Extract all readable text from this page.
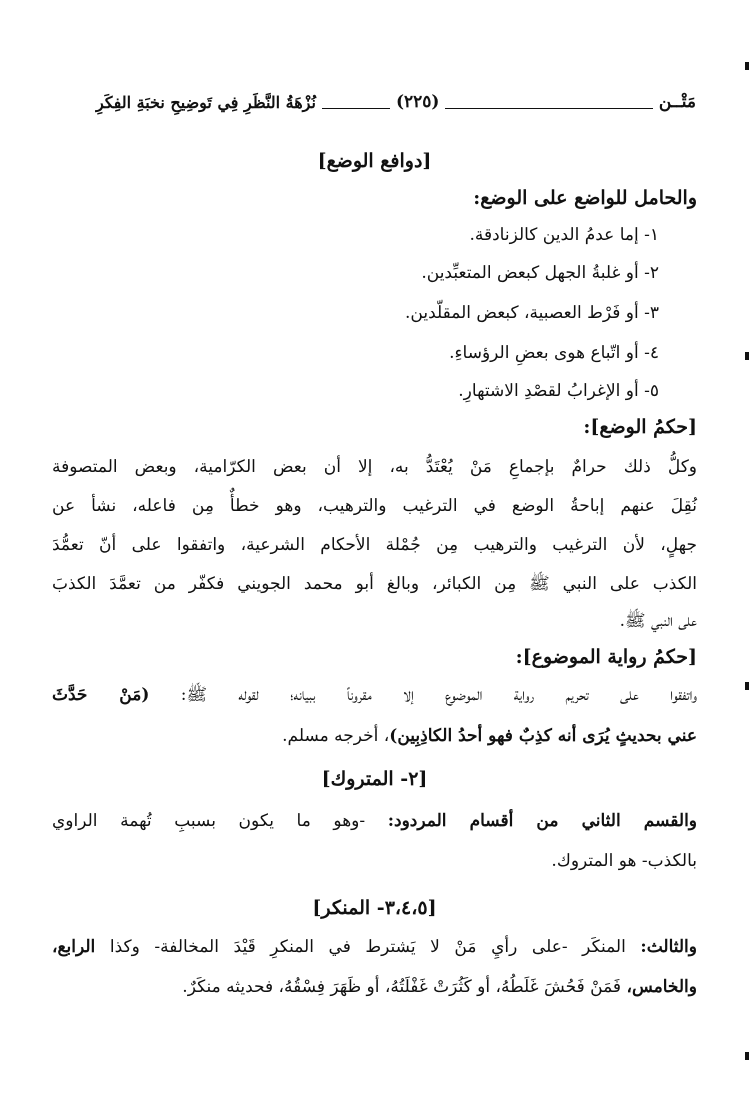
مَتْــن
(٢٢٥)
نُزْهَةُ النَّظَرِ فِي تَوضِيحِ نخبَةِ الفِكَرِ
[دوافع الوضع]
والحامل للواضع على الوضع:
١- إما عدمُ الدين كالزنادقة.
٢- أو غلبةُ الجهل كبعض المتعبِّدين.
٣- أو فَرْط العصبية، كبعض المقلّدين.
٤- أو اتّباع هوى بعضِ الرؤساءِ.
٥- أو الإغرابُ لقصْدِ الاشتهارِ.
[حكمُ الوضع]:
وكلُّ ذلك حرامٌ بإجماعِ مَنْ يُعْتَدُّ به، إلا أن بعض الكرّامية، وبعض المتصوفة
نُقِلَ عنهم إباحةُ الوضع في الترغيب والترهيب، وهو خطأٌ مِن فاعله، نشأ عن
جهلٍ، لأن الترغيب والترهيب مِن جُمْلة الأحكام الشرعية، واتفقوا على أنّ تعمُّدَ
الكذب على النبي ﷺ مِن الكبائر، وبالغ أبو محمد الجويني فكفّر من تعمَّدَ الكذبَ
على النبي ﷺ.
[حكمُ رواية الموضوع]:
واتفقوا على تحريم رواية الموضوع إلا مقروناً ببيانه؛ لقوله ﷺ: (مَنْ حَدَّثَ
عني بحديثٍ يُرَى أنه كذِبٌ فهو أحدُ الكاذِبِين)، أخرجه مسلم.
[٢- المتروك]
والقسم الثاني من أقسام المردود: -وهو ما يكون بسببِ تُهمة الراوي
بالكذب- هو المتروك.
[٣،٤،٥- المنكر]
والثالث: المنكَر -على رأيِ مَنْ لا يَشترط في المنكرِ قَيْدَ المخالفة- وكذا الرابع،
والخامس، فَمَنْ فَحُشَ غَلَطُهُ، أو كَثُرَتْ غَفْلَتُهُ، أو ظَهَرَ فِسْقُهُ، فحديثه منكَرٌ.
